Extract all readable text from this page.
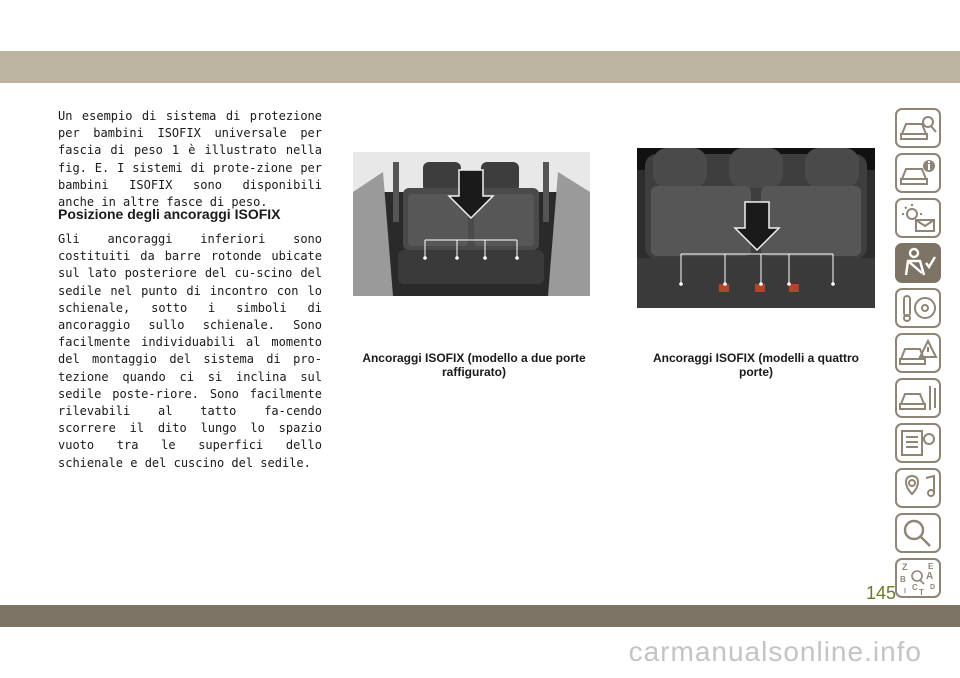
Un esempio di sistema di protezione per bambini ISOFIX universale per fascia di peso 1 è illustrato nella fig. E. I sistemi di prote-zione per bambini ISOFIX sono disponibili anche in altre fasce di peso.

Posizione degli ancoraggi ISOFIX

Gli ancoraggi inferiori sono costituiti da barre rotonde ubicate sul lato posteriore del cu-scino del sedile nel punto di incontro con lo schienale, sotto i simboli di ancoraggio sullo schienale. Sono facilmente individuabili al momento del montaggio del sistema di pro-tezione quando ci si inclina sul sedile poste-riore. Sono facilmente rilevabili al tatto fa-cendo scorrere il dito lungo lo spazio vuoto tra le superfici dello schienale e del cuscino del sedile.

Ancoraggi ISOFIX (modello a due porte raffigurato)
Ancoraggi ISOFIX (modelli a quattro porte)
Z	E
A
B
C D
I T

145

carmanualsonline.info
